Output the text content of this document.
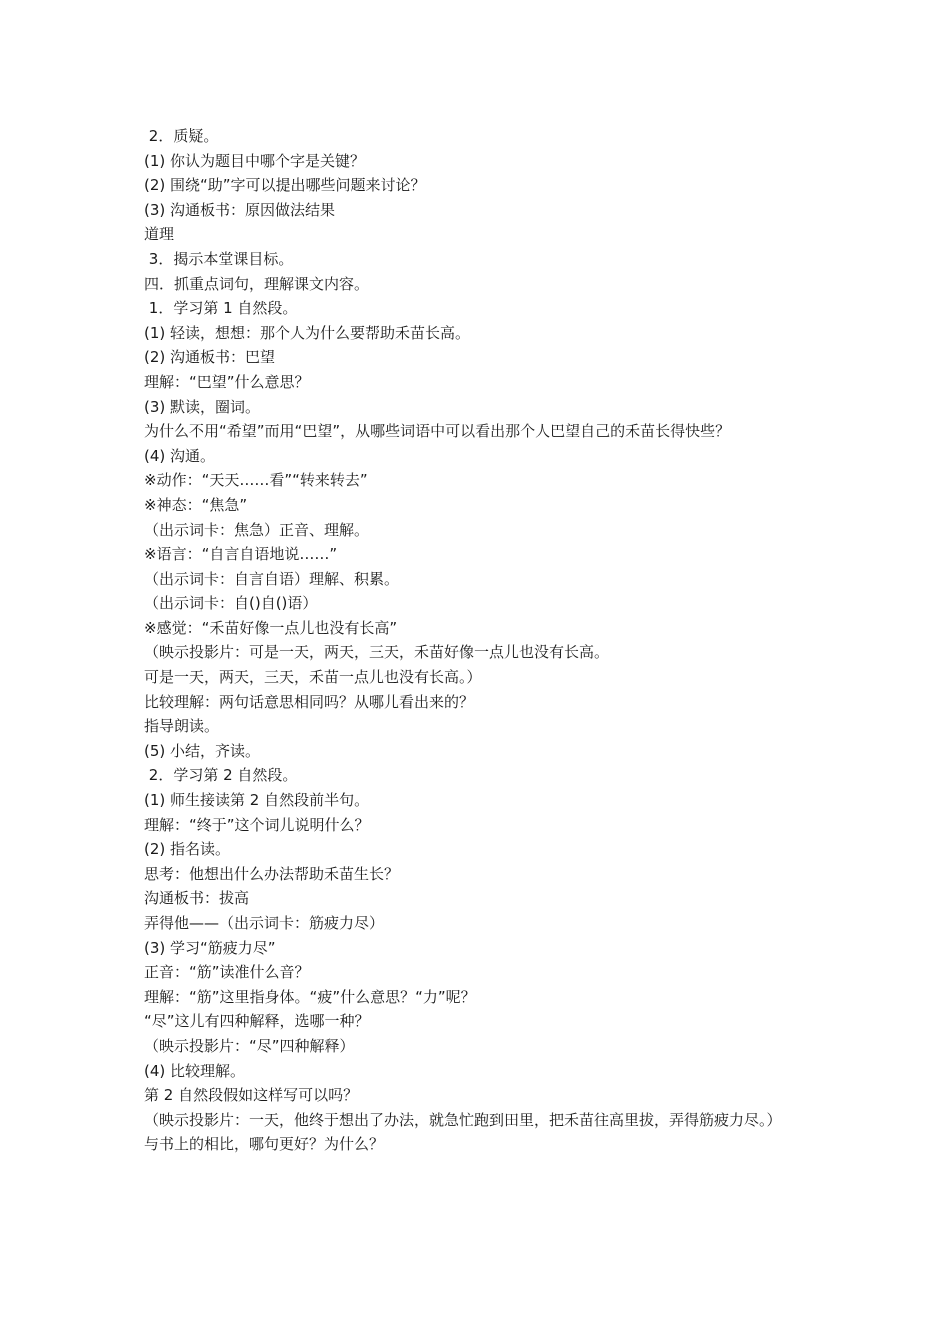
2．质疑。

(1) 你认为题目中哪个字是关键？

(2) 围绕“助”字可以提出哪些问题来讨论？

(3) 沟通板书：原因做法结果

道理

3．揭示本堂课目标。

四．抓重点词句，理解课文内容。

1．学习第 1 自然段。

(1) 轻读，想想：那个人为什么要帮助禾苗长高。

(2) 沟通板书：巴望

理解：“巴望”什么意思？

(3) 默读，圈词。

为什么不用“希望”而用“巴望”，从哪些词语中可以看出那个人巴望自己的禾苗长得快些？

(4) 沟通。

※动作：“天天……看”“转来转去”

※神态：“焦急”

（出示词卡：焦急）正音、理解。

※语言：“自言自语地说……”

（出示词卡：自言自语）理解、积累。

（出示词卡：自()自()语）

※感觉：“禾苗好像一点儿也没有长高”

（映示投影片：可是一天，两天，三天，禾苗好像一点儿也没有长高。

可是一天，两天，三天，禾苗一点儿也没有长高。）

比较理解：两句话意思相同吗？从哪儿看出来的？

指导朗读。

(5) 小结，齐读。

2．学习第 2 自然段。

(1) 师生接读第 2 自然段前半句。

理解：“终于”这个词儿说明什么？

(2) 指名读。

思考：他想出什么办法帮助禾苗生长？

沟通板书：拔高

弄得他——（出示词卡：筋疲力尽）

(3) 学习“筋疲力尽”

正音：“筋”读准什么音？

理解：“筋”这里指身体。“疲”什么意思？“力”呢？

“尽”这儿有四种解释，选哪一种？

（映示投影片：“尽”四种解释）

(4) 比较理解。

第 2 自然段假如这样写可以吗？

（映示投影片：一天，他终于想出了办法，就急忙跑到田里，把禾苗往高里拔，弄得筋疲力尽。）

与书上的相比，哪句更好？为什么？
